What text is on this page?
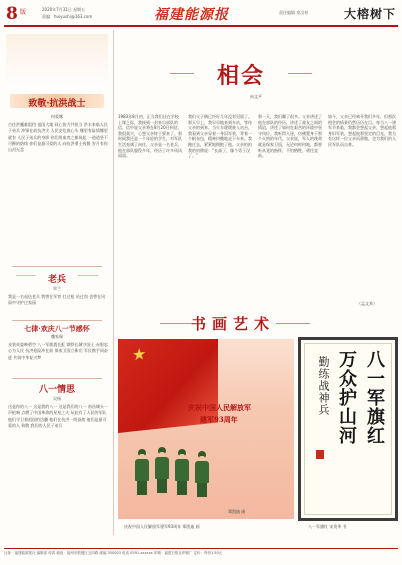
8 版	2020年7月31日 星期五
责编：huiyushi@163.com	福建能源报	责任编辑 寿汉初	大榕树下
致敬·抗洪战士
何爱娜
古往洪魔难阻挡 祖国大地 同心协力共担当 洪水来临人民子弟兵 冲锋在前抗洪灾 人民安危放心头 哪里有险情哪里就有 人民子弟兵的身影 你们用血肉之躯筑起 一道道坚不可摧的防线 你们是最可爱的人 向抗洪勇士致敬 岁月有你 山河无恙
老兵
翠兰
我是一名退伍老兵 我曾在军营 扛过枪 站过岗 也曾在风雨中守护过家园
七律·欢庆八一节感怀
魏家瑞
戎装英姿映碧空 八一军歌震长虹 钢铁长城守国土 赤胆忠心为人民 抗洪抢险冲在前 保家卫国立新功 军民携手同奋进 共筑中华复兴梦
八一情思
吴杨
这是你的八一 这是我的八一 这是我们的八一 南昌城头一声枪响 点燃了中国革命的星星之火 从此有了人民的军队 他们守卫着祖国的边疆 他们在抗洪一线奋战 他们是最可爱的人 致敬 我们的人民子弟兵
相会
向文平
1983年8月初，正当我们还在学校上课之际，我接到一封来自部队的信，信中说父亲将在8月20日到达，我很高兴，心想父亲终于要来了。那时候我还是一个年轻的学生，对军队生活充满了向往。父亲是一名老兵，他在部队服役多年，经历了许多风风雨雨。
我们父子俩已经好几年没有见面了。那天早上，我早早地来到车站，等待父亲的到来。当火车缓缓驶入站台，我看到父亲穿着一身旧军装，背着一个帆布包，精神抖擞地走下车来。我跑过去，紧紧地拥抱了他。父亲拍拍我的肩膀说：“长高了，像个男子汉了。”
那一天，我们聊了很多。父亲讲述了他在部队的经历，讲述了战友之间的情谊，讲述了如何在艰苦的环境中坚守岗位。我听得入迷，仿佛置身于那个火热的年代。父亲说，军人的使命就是保家卫国，无论何时何地，都要听从党的指挥，不怕牺牲，勇往直前。
如今，父亲已经离开我们多年，但那次相会的情景仍然历历在目。每当八一建军节来临，我都会想起父亲，想起他那身旧军装，想起他那坚定的目光。我为有这样一位父亲而骄傲，也为我们的人民军队而自豪。
（孟文来）
书画艺术
★
庆祝中国人民解放军
建军93周年
郑凯迪 画
八一军旗红
万众护山河
勤练战神兵
庆祝中国人民解放军建军93周年 郑凯迪 画	八一军旗红 宋贵华 书
社址：福建能源报社 编辑部 传真 地址：福州市鼓楼区五四路 邮编 350003 电话 0591-xxxxxx 印刷：福建日报社印刷厂 定价：每份1.50元
